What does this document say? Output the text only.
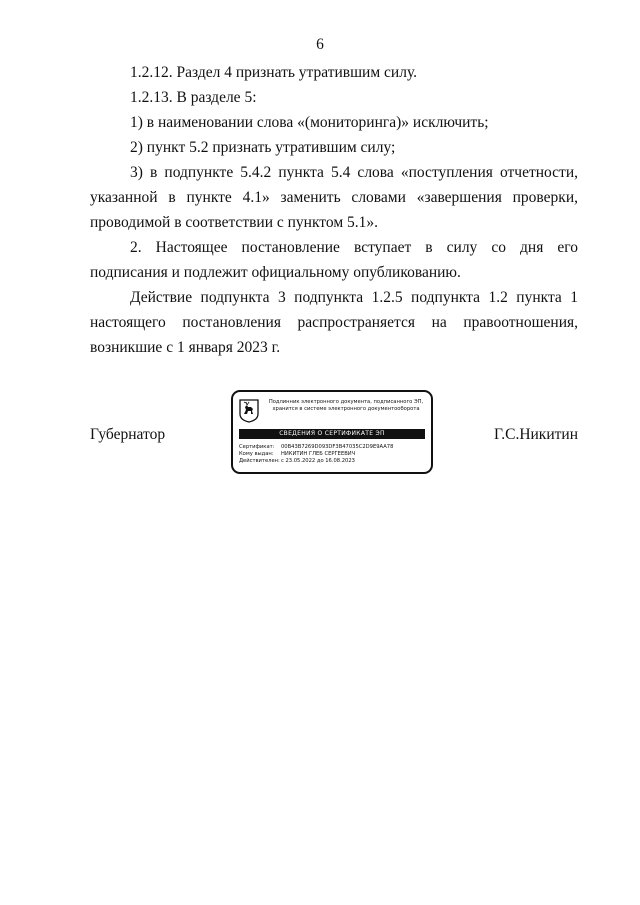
6

1.2.12. Раздел 4 признать утратившим силу.

1.2.13. В разделе 5:

1) в наименовании слова «(мониторинга)» исключить;

2) пункт 5.2 признать утратившим силу;

3) в подпункте 5.4.2 пункта 5.4 слова «поступления отчетности, указанной в пункте 4.1» заменить словами «завершения проверки, проводимой в соответствии с пунктом 5.1».

2. Настоящее постановление вступает в силу со дня его подписания и подлежит официальному опубликованию.

Действие подпункта 3 подпункта 1.2.5 подпункта 1.2 пункта 1 настоящего постановления распространяется на правоотношения, возникшие с 1 января 2023 г.

Губернатор	Г.С.Никитин
Подлинник электронного документа, подписанного ЭП,
хранится в системе электронного документооборота
СВЕДЕНИЯ О СЕРТИФИКАТЕ ЭП
Сертификат: 00B43B7269D093DF3B47035C2D9E9AA78
Кому выдан: НИКИТИН ГЛЕБ СЕРГЕЕВИЧ
Действителен:с 23.05.2022 до 16.08.2023
